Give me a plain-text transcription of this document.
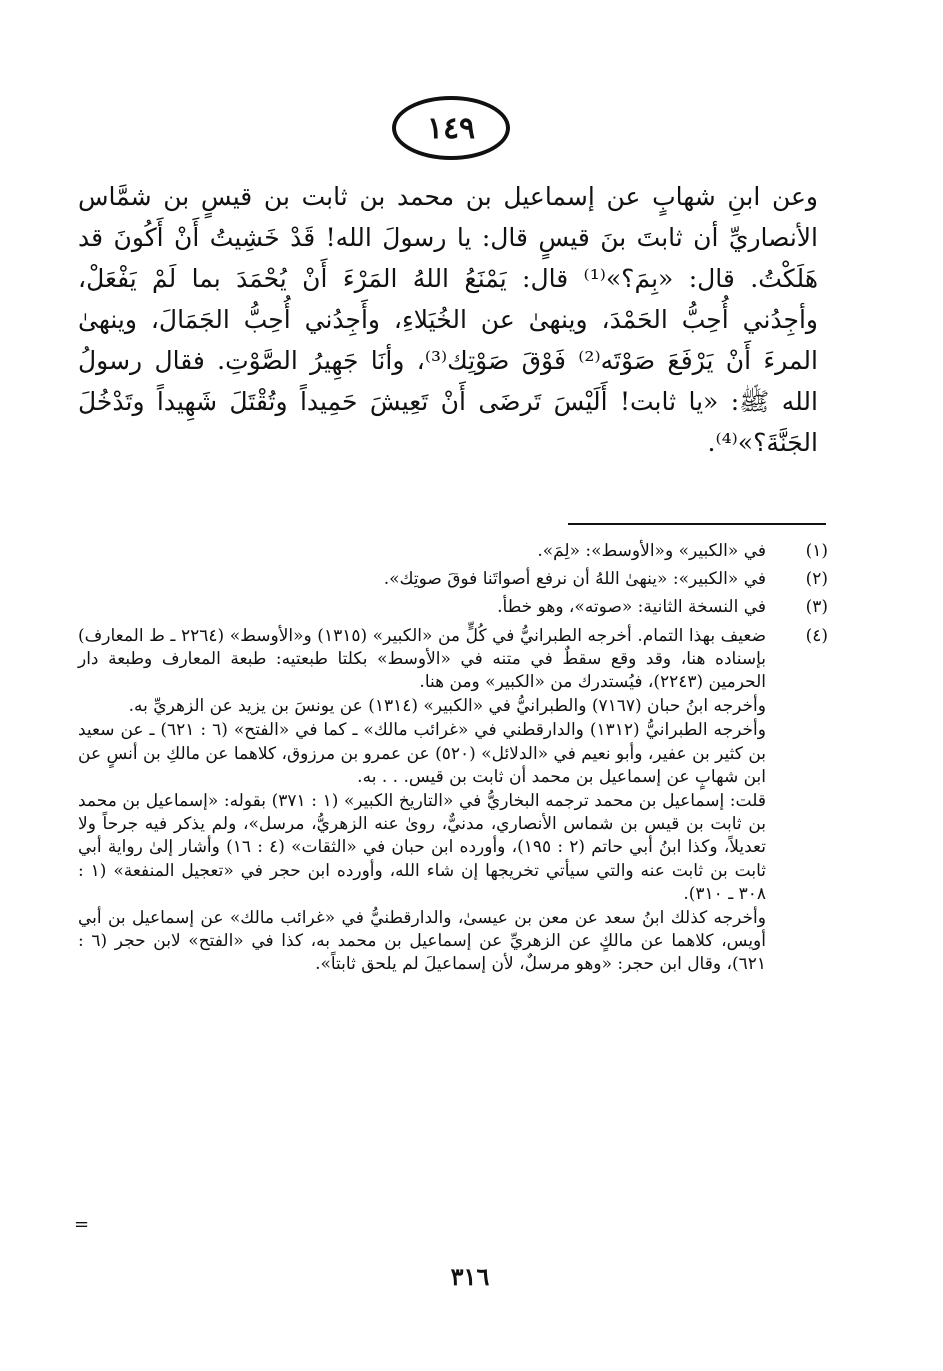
١٤٩

وعن ابنِ شهابٍ عن إسماعيل بن محمد بن ثابت بن قيسٍ بن شمَّاس الأنصاريِّ أن ثابتَ بنَ قيسٍ قال: يا رسولَ الله! قَدْ خَشِيتُ أَنْ أَكُونَ قد هَلَكْتُ. قال: «بِمَ؟»⁽¹⁾ قال: يَمْنَعُ اللهُ المَرْءَ أَنْ يُحْمَدَ بما لَمْ يَفْعَلْ، وأجِدُني أُحِبُّ الحَمْدَ، وينهىٰ عن الخُيَلاءِ، وأَجِدُني أُحِبُّ الجَمَالَ، وينهىٰ المرءَ أَنْ يَرْفَعَ صَوْتَه⁽²⁾ فَوْقَ صَوْتِك⁽³⁾، وأنَا جَهِيرُ الصَّوْتِ. فقال رسولُ الله ﷺ: «يا ثابت! أَلَيْسَ تَرضَى أَنْ تَعِيشَ حَمِيداً وتُقْتَلَ شَهِيداً وتَدْخُلَ الجَنَّةَ؟»⁽⁴⁾.

(١)

في «الكبير» و«الأوسط»: «لِمَ».

(٢)

في «الكبير»: «ينهىٰ اللهُ أن نرفع أصواتَنا فوقَ صوتِك».

(٣)

في النسخة الثانية: «صوته»، وهو خطأ.

(٤)

ضعيف بهذا التمام. أخرجه الطبرانيُّ في كُلٍّ من «الكبير» (١٣١٥) و«الأوسط» (٢٢٦٤ ـ ط المعارف) بإسناده هنا، وقد وقع سقطٌ في متنه في «الأوسط» بكلتا طبعتيه: طبعة المعارف وطبعة دار الحرمين (٢٢٤٣)، فيُستدرك من «الكبير» ومن هنا.

وأخرجه ابنُ حبان (٧١٦٧) والطبرانيُّ في «الكبير» (١٣١٤) عن يونسَ بن يزيد عن الزهريِّ به.

وأخرجه الطبرانيُّ (١٣١٢) والدارقطني في «غرائب مالك» ـ كما في «الفتح» (٦ : ٦٢١) ـ عن سعيد بن كثير بن عفير، وأبو نعيم في «الدلائل» (٥٢٠) عن عمرو بن مرزوق، كلاهما عن مالكِ بن أنسٍ عن ابن شهابٍ عن إسماعيل بن محمد أن ثابت بن قيس. . . به.

قلت: إسماعيل بن محمد ترجمه البخاريُّ في «التاريخ الكبير» (١ : ٣٧١) بقوله: «إسماعيل بن محمد بن ثابت بن قيس بن شماس الأنصاري، مدنيٌّ، روىٰ عنه الزهريُّ، مرسل»، ولم يذكر فيه جرحاً ولا تعديلاً، وكذا ابنُ أبي حاتم (٢ : ١٩٥)، وأورده ابن حبان في «الثقات» (٤ : ١٦) وأشار إلىٰ رواية أبي ثابت بن ثابت عنه والتي سيأتي تخريجها إن شاء الله، وأورده ابن حجر في «تعجيل المنفعة» (١ : ٣٠٨ ـ ٣١٠).

وأخرجه كذلك ابنُ سعد عن معن بن عيسىٰ، والدارقطنيُّ في «غرائب مالك» عن إسماعيل بن أبي أويس، كلاهما عن مالكٍ عن الزهريِّ عن إسماعيل بن محمد به، كذا في «الفتح» لابن حجر (٦ : ٦٢١)، وقال ابن حجر: «وهو مرسلٌ، لأن إسماعيلَ لم يلحق ثابتاً».

=
٣١٦
